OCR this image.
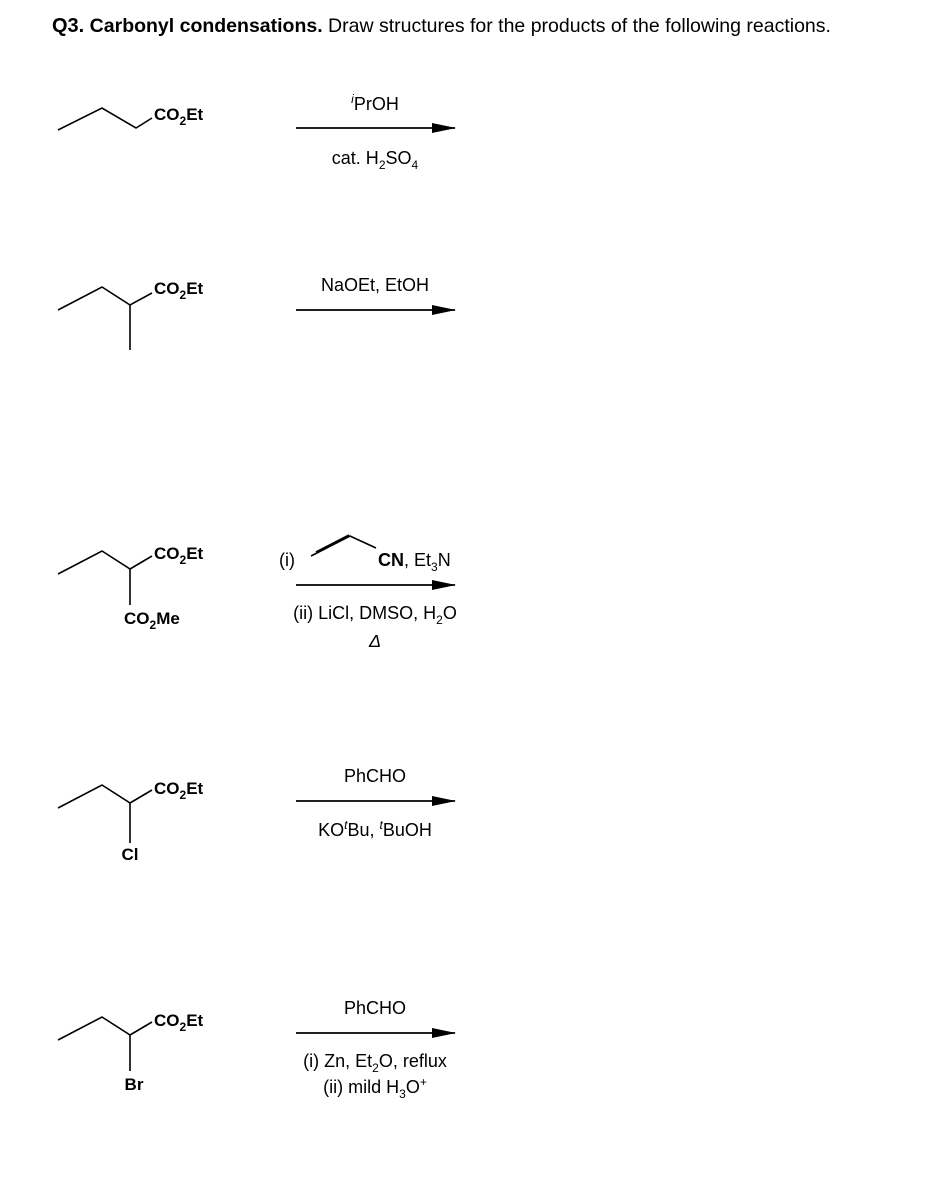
Q3. Carbonyl condensations. Draw structures for the products of the following reactions.
$CO_2Et$
$^i$PrOH
cat. $H_2SO_4$
$CO_2Et$	NaOEt, EtOH
$CO_2Et$
$CO_2Me$
(i)	CN, $Et_3N$
(ii) LiCl, DMSO, $H_2O$
Δ
$CO_2Et$
Cl
PhCHO
$KO^tBu$, $^t$BuOH
$CO_2Et$
Br
PhCHO
(i) Zn, $Et_2O$, reflux
(ii) mild $H_3O^+$
